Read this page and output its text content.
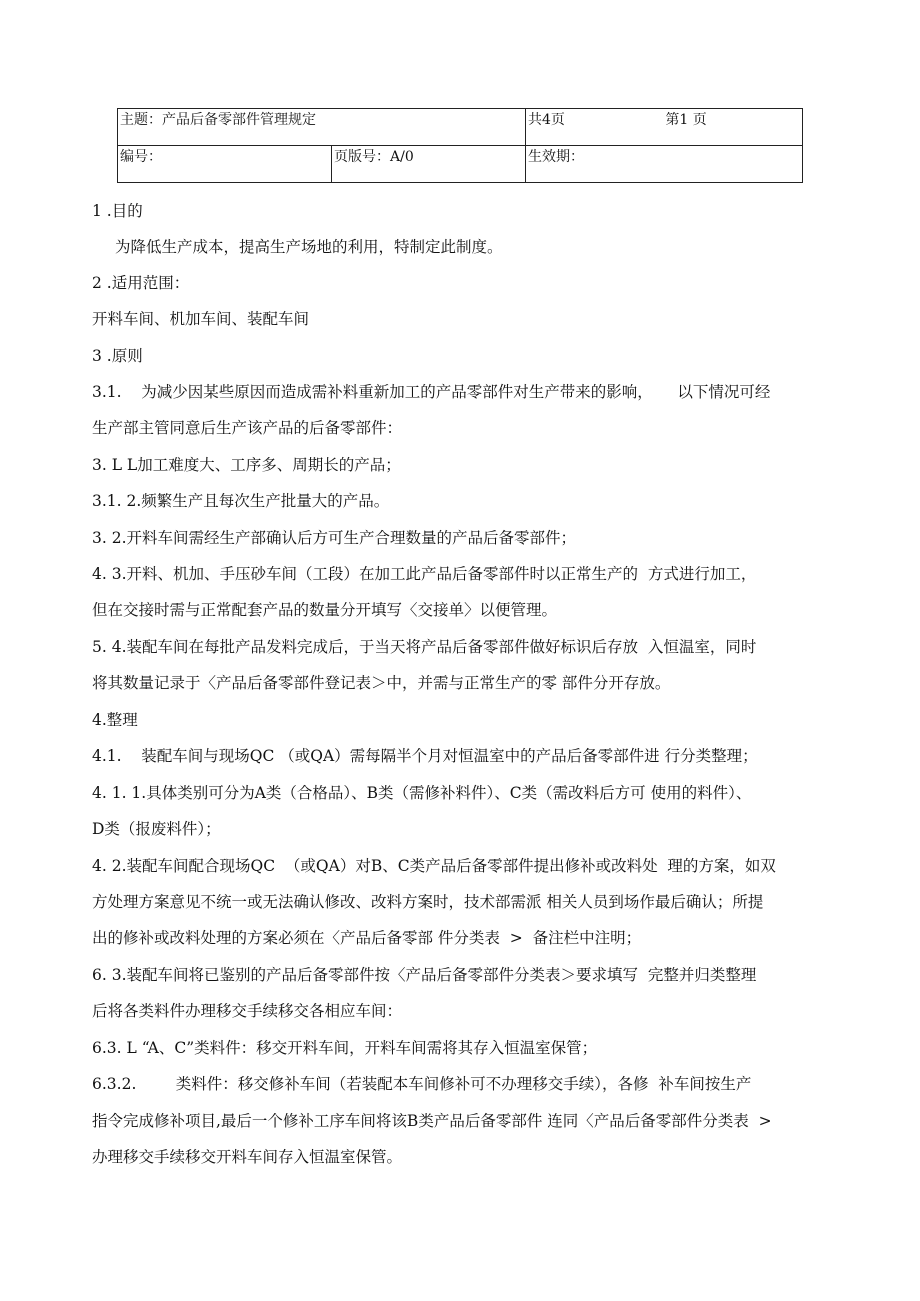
主题：产品后备零部件管理规定		共4页 第1 页
编号：	页版号：A/0	生效期：
1 .目的
为降低生产成本，提高生产场地的利用，特制定此制度。
2 .适用范围：
开料车间、机加车间、装配车间
3 .原则
3.1.    为减少因某些原因而造成需补料重新加工的产品零部件对生产带来的影响，     以下情况可经
生产部主管同意后生产该产品的后备零部件：
3. L L加工难度大、工序多、周期长的产品；
3.1. 2.频繁生产且每次生产批量大的产品。
3. 2.开料车间需经生产部确认后方可生产合理数量的产品后备零部件；
4. 3.开料、机加、手压砂车间（工段）在加工此产品后备零部件时以正常生产的  方式进行加工，
但在交接时需与正常配套产品的数量分开填写〈交接单〉以便管理。
5. 4.装配车间在每批产品发料完成后，于当天将产品后备零部件做好标识后存放  入恒温室，同时
将其数量记录于〈产品后备零部件登记表＞中，并需与正常生产的零 部件分开存放。
4.整理
4.1.    装配车间与现场QC （或QA）需每隔半个月对恒温室中的产品后备零部件进 行分类整理；
4. 1. 1.具体类别可分为A类（合格品）、B类（需修补料件）、C类（需改料后方可 使用的料件）、
D类（报废料件）；
4. 2.装配车间配合现场QC  （或QA）对B、C类产品后备零部件提出修补或改料处  理的方案，如双
方处理方案意见不统一或无法确认修改、改料方案时，技术部需派 相关人员到场作最后确认；所提
出的修补或改料处理的方案必须在〈产品后备零部 件分类表  >  备注栏中注明；
6. 3.装配车间将已鉴别的产品后备零部件按〈产品后备零部件分类表＞要求填写  完整并归类整理
后将各类料件办理移交手续移交各相应车间：
6.3. L “A、C”类料件：移交开料车间，开料车间需将其存入恒温室保管；
6.3.2.        类料件：移交修补车间（若装配本车间修补可不办理移交手续），各修  补车间按生产
指令完成修补项目,最后一个修补工序车间将该B类产品后备零部件 连同〈产品后备零部件分类表  >
办理移交手续移交开料车间存入恒温室保管。
